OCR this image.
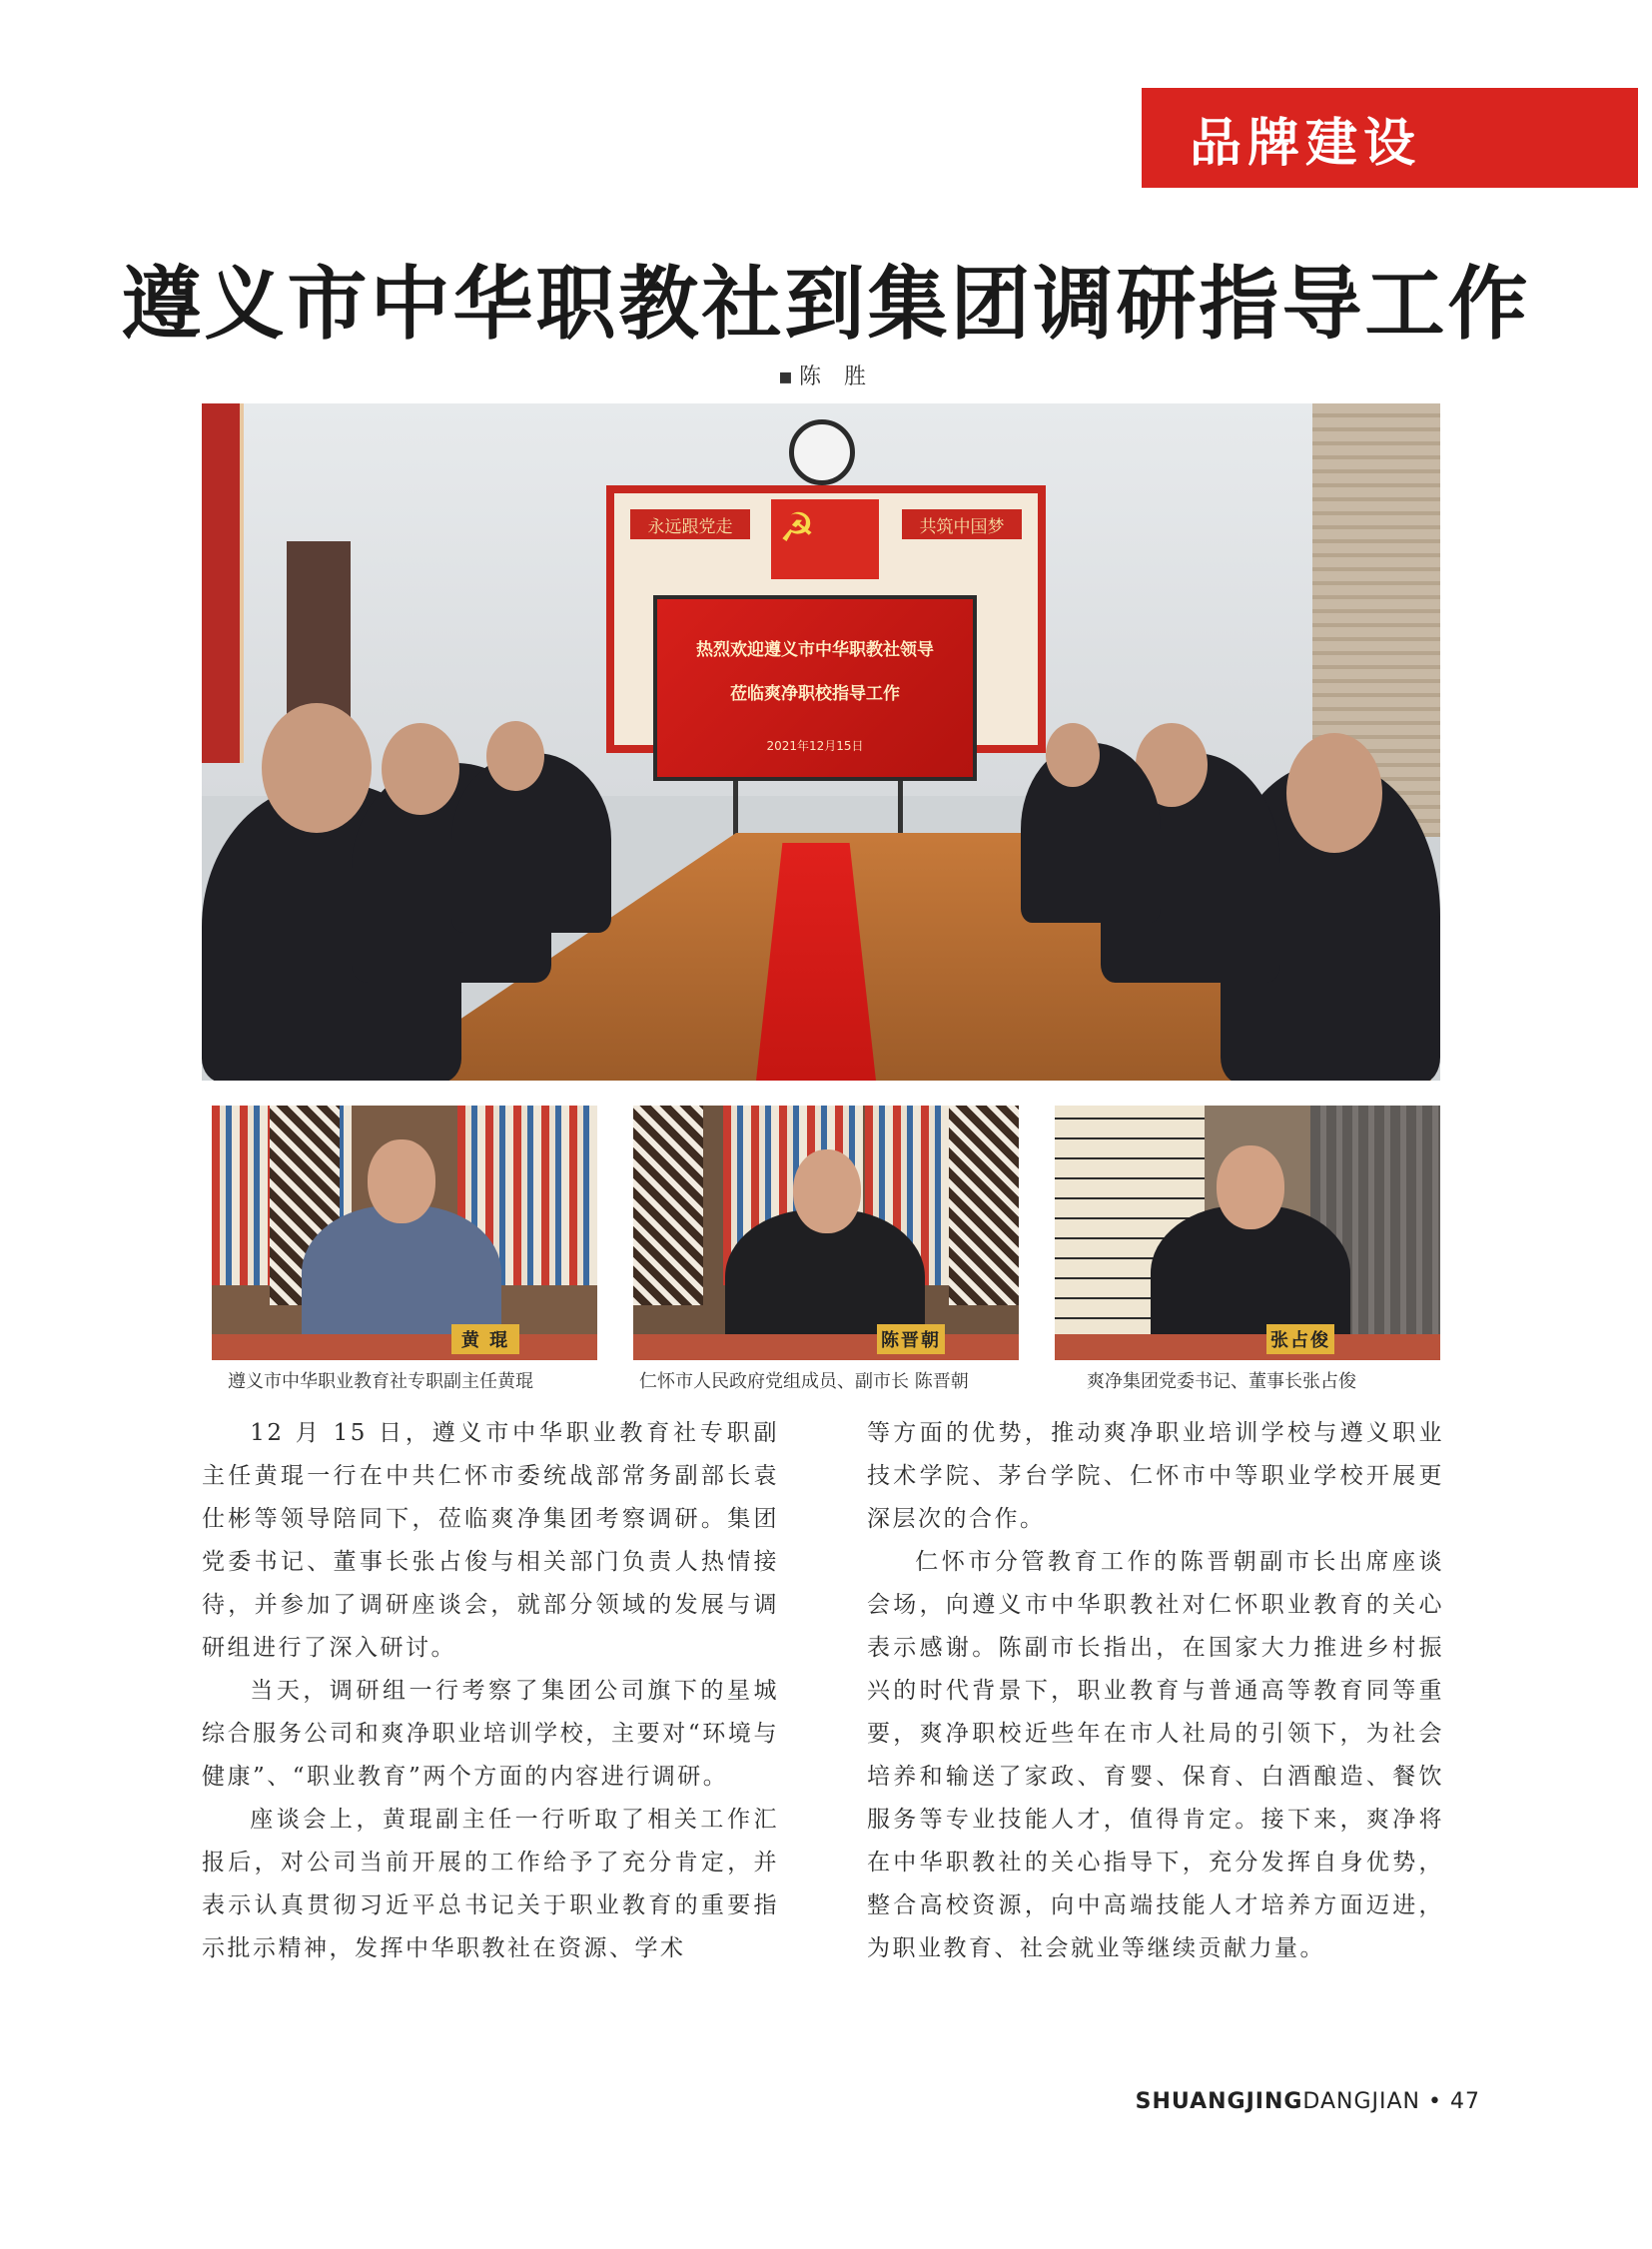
品牌建设
遵义市中华职教社到集团调研指导工作
▪ 陈 胜
永远跟党走	共筑中国梦
☭
热烈欢迎遵义市中华职教社领导
莅临爽净职校指导工作
2021年12月15日
黄 琨
遵义市中华职业教育社专职副主任黄琨
陈晋朝
仁怀市人民政府党组成员、副市长 陈晋朝
张占俊
爽净集团党委书记、董事长张占俊

12 月 15 日，遵义市中华职业教育社专职副主任黄琨一行在中共仁怀市委统战部常务副部长袁仕彬等领导陪同下，莅临爽净集团考察调研。集团党委书记、董事长张占俊与相关部门负责人热情接待，并参加了调研座谈会，就部分领域的发展与调研组进行了深入研讨。

当天，调研组一行考察了集团公司旗下的星城综合服务公司和爽净职业培训学校，主要对“环境与健康”、“职业教育”两个方面的内容进行调研。

座谈会上，黄琨副主任一行听取了相关工作汇报后，对公司当前开展的工作给予了充分肯定，并表示认真贯彻习近平总书记关于职业教育的重要指示批示精神，发挥中华职教社在资源、学术

等方面的优势，推动爽净职业培训学校与遵义职业技术学院、茅台学院、仁怀市中等职业学校开展更深层次的合作。

仁怀市分管教育工作的陈晋朝副市长出席座谈会场，向遵义市中华职教社对仁怀职业教育的关心表示感谢。陈副市长指出，在国家大力推进乡村振兴的时代背景下，职业教育与普通高等教育同等重要，爽净职校近些年在市人社局的引领下，为社会培养和输送了家政、育婴、保育、白酒酿造、餐饮服务等专业技能人才，值得肯定。接下来，爽净将在中华职教社的关心指导下，充分发挥自身优势，整合高校资源，向中高端技能人才培养方面迈进，为职业教育、社会就业等继续贡献力量。

SHUANGJINGDANGJIAN • 47
